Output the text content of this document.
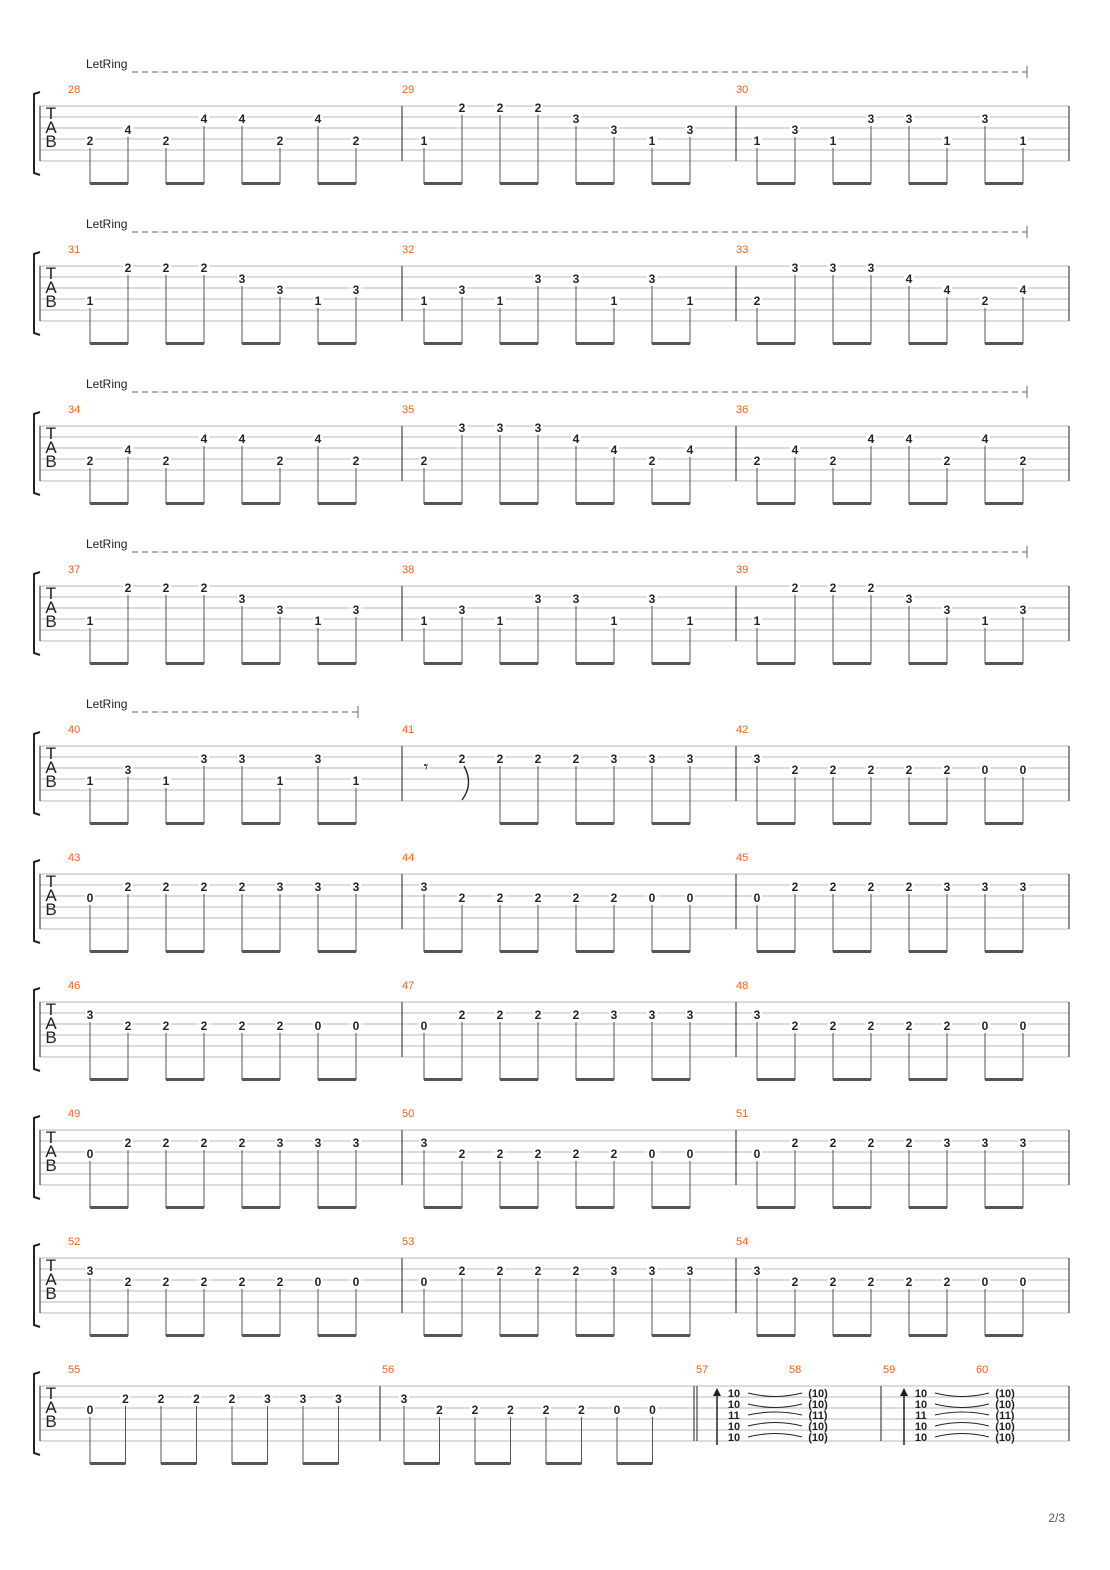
T
A
B
LetRing
28
2
4
2
4	4
2
4
2
29
1
2	2	2
3
3
1
3
30
1
3
1
3	3
1
3
1
T
A
B
LetRing
31
1
2	2	2
3
3
1
3
32
1
3
1
3	3
1
3
1
33
2
3	3	3
4
4
2
4
T
A
B
LetRing
34
2
4
2
4	4
2
4
2
35
2
3	3	3
4
4
2
4
36
2
4
2
4	4
2
4
2
T
A
B
LetRing
37
1
2	2	2
3
3
1
3
38
1
3
1
3	3
1
3
1
39
1
2	2	2
3
3
1
3
T
A
B
LetRing
40
1
3
1
3	3
1
3
1
41
𝄾	2	2	2	2	3	3	3
42
3
2	2	2	2	2	0	0
T
A
B
43
0
2	2	2	2	3	3	3
44
3
2	2	2	2	2	0	0
45
0
2	2	2	2	3	3	3
T
A
B
46
3
2	2	2	2	2	0	0
47
0
2	2	2	2	3	3	3
48
3
2	2	2	2	2	0	0
T
A
B
49
0
2	2	2	2	3	3	3
50
3
2	2	2	2	2	0	0
51
0
2	2	2	2	3	3	3
T
A
B
52
3
2	2	2	2	2	0	0
53
0
2	2	2	2	3	3	3
54
3
2	2	2	2	2	0	0
T
A
B
55
0
2 2 2 2 3 3 3
56
3
2 2 2 2 2 0 0
57
10
10
11
10
10
58
(10)
(10)
(11)
(10)
(10)
59
10
10
11
10
10
60
(10)
(10)
(11)
(10)
(10)
2/3
